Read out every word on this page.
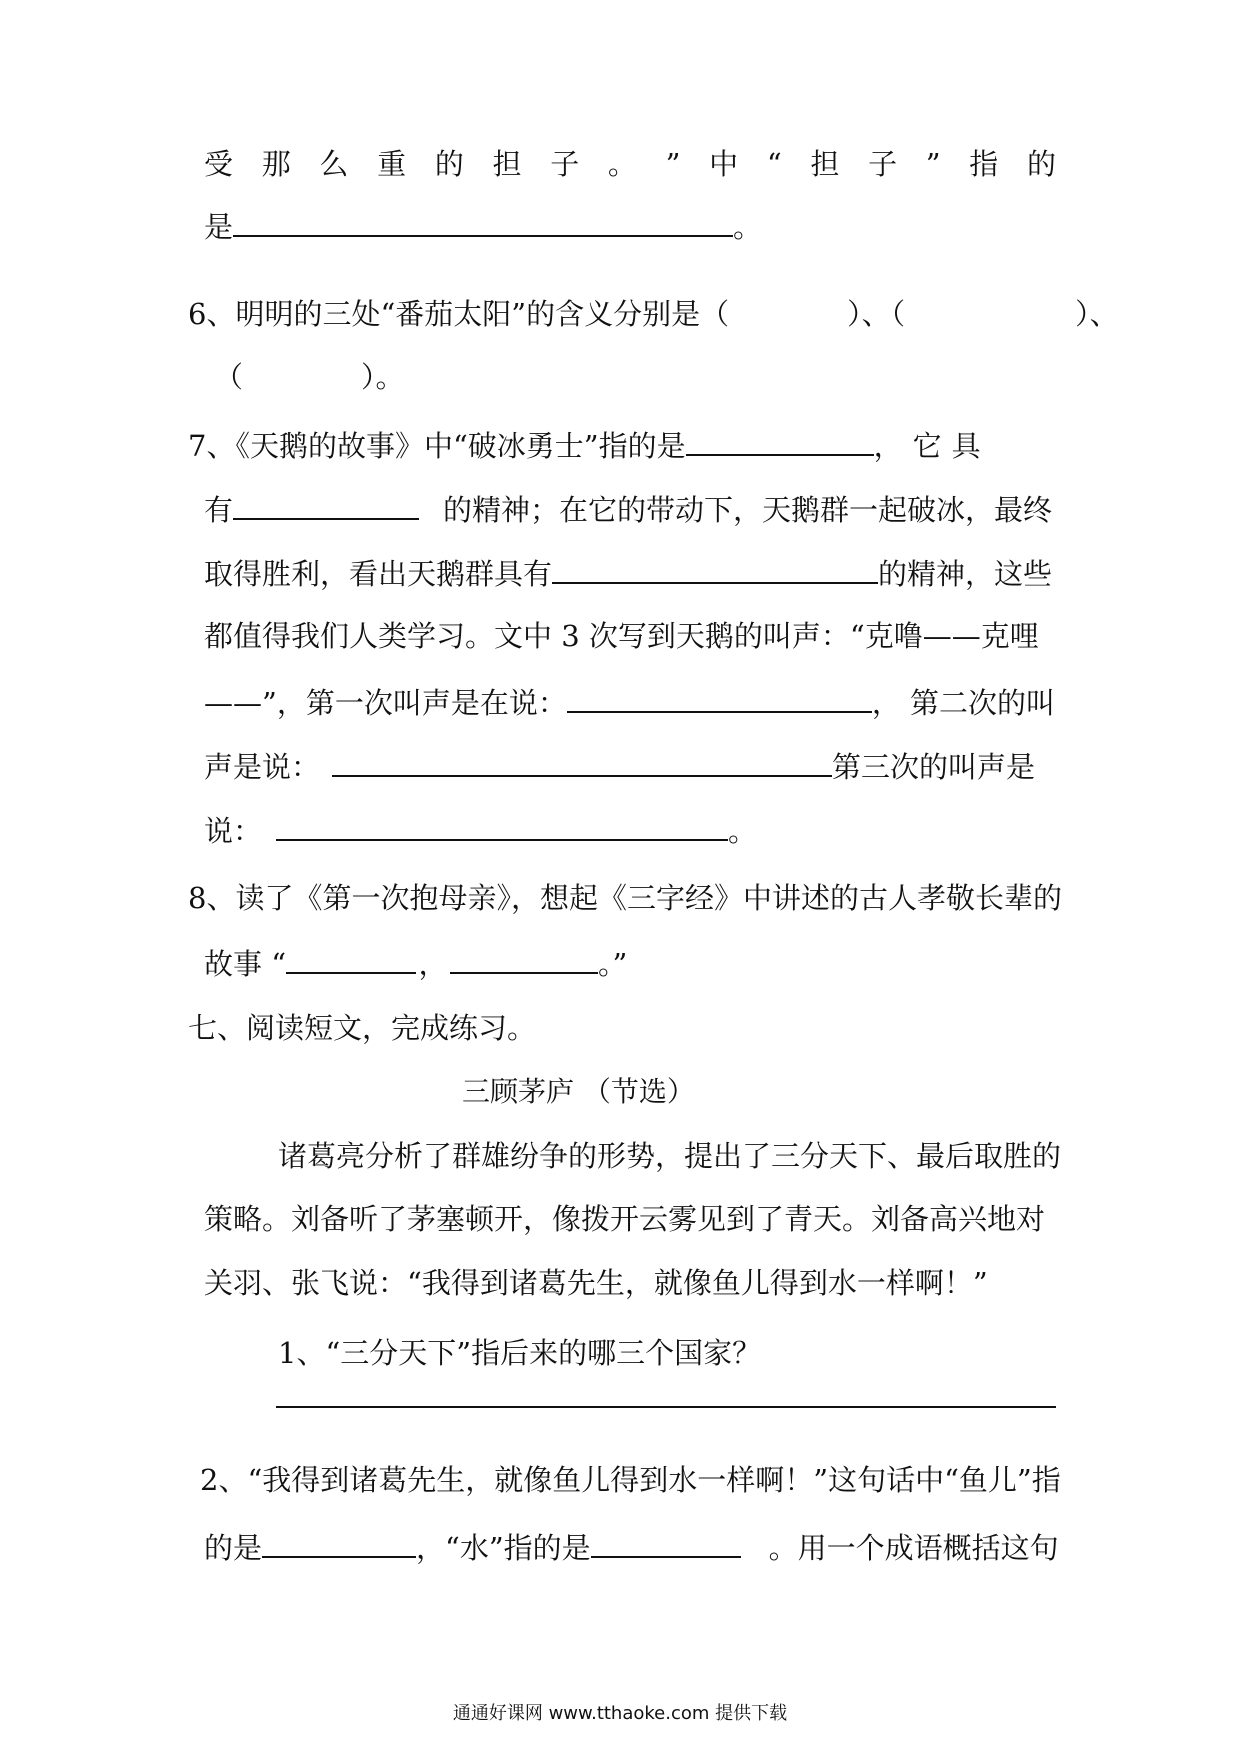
受 那 么 重 的 担 子 。 ” 中 “ 担 子 ” 指 的
是	。
6、明明的三处“番茄太阳”的含义分别是（	）、（	）、
（	）。
7、《天鹅的故事》中“破冰勇士”指的是	，它具
有	的精神；在它的带动下，天鹅群一起破冰，最终
取得胜利，看出天鹅群具有	的精神，这些
都值得我们人类学习。文中 3 次写到天鹅的叫声：“克噜——克哩
——”，第一次叫声是在说：	， 第二次的叫
声是说：	第三次的叫声是
说：	。
8、读了《第一次抱母亲》，想起《三字经》中讲述的古人孝敬长辈的
故事 “	，	。”
七、阅读短文，完成练习。
三顾茅庐 （节选）
诸葛亮分析了群雄纷争的形势，提出了三分天下、最后取胜的
策略。刘备听了茅塞顿开，像拨开云雾见到了青天。刘备高兴地对
关羽、张飞说：“我得到诸葛先生，就像鱼儿得到水一样啊！”
1、“三分天下”指后来的哪三个国家？
2、“我得到诸葛先生，就像鱼儿得到水一样啊！”这句话中“鱼儿”指
的是	，“水”指的是	。用一个成语概括这句
通通好课网 www.tthaoke.com 提供下载
